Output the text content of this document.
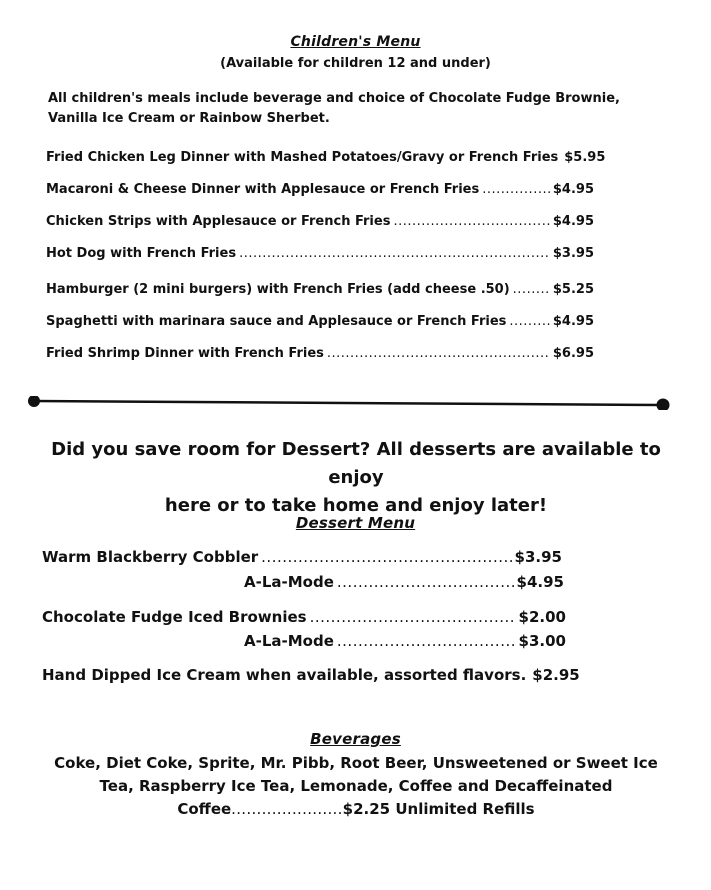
Children's Menu
(Available for children 12 and under)
All children's meals include beverage and choice of Chocolate Fudge Brownie, Vanilla Ice Cream or Rainbow Sherbet.
Fried Chicken Leg Dinner with Mashed Potatoes/Gravy or French Fries $5.95
Macaroni & Cheese Dinner with Applesauce or French Fries .....	$4.95
Chicken Strips with Applesauce or French Fries .....	$4.95
Hot Dog with French Fries .....	$3.95
Hamburger (2 mini burgers) with French Fries (add cheese .50) .....	$5.25
Spaghetti with marinara sauce and Applesauce or French Fries .....	$4.95
Fried Shrimp Dinner with French Fries .....	$6.95
Did you save room for Dessert? All desserts are available to enjoy
here or to take home and enjoy later!
Dessert Menu
Warm Blackberry Cobbler .....	$3.95
A-La-Mode .....	$4.95
Chocolate Fudge Iced Brownies .....	$2.00
A-La-Mode .....	$3.00
Hand Dipped Ice Cream when available, assorted flavors. $2.95
Beverages
Coke, Diet Coke, Sprite, Mr. Pibb, Root Beer, Unsweetened or Sweet Ice
Tea, Raspberry Ice Tea, Lemonade, Coffee and Decaffeinated
Coffee......................$2.25 Unlimited Refills
